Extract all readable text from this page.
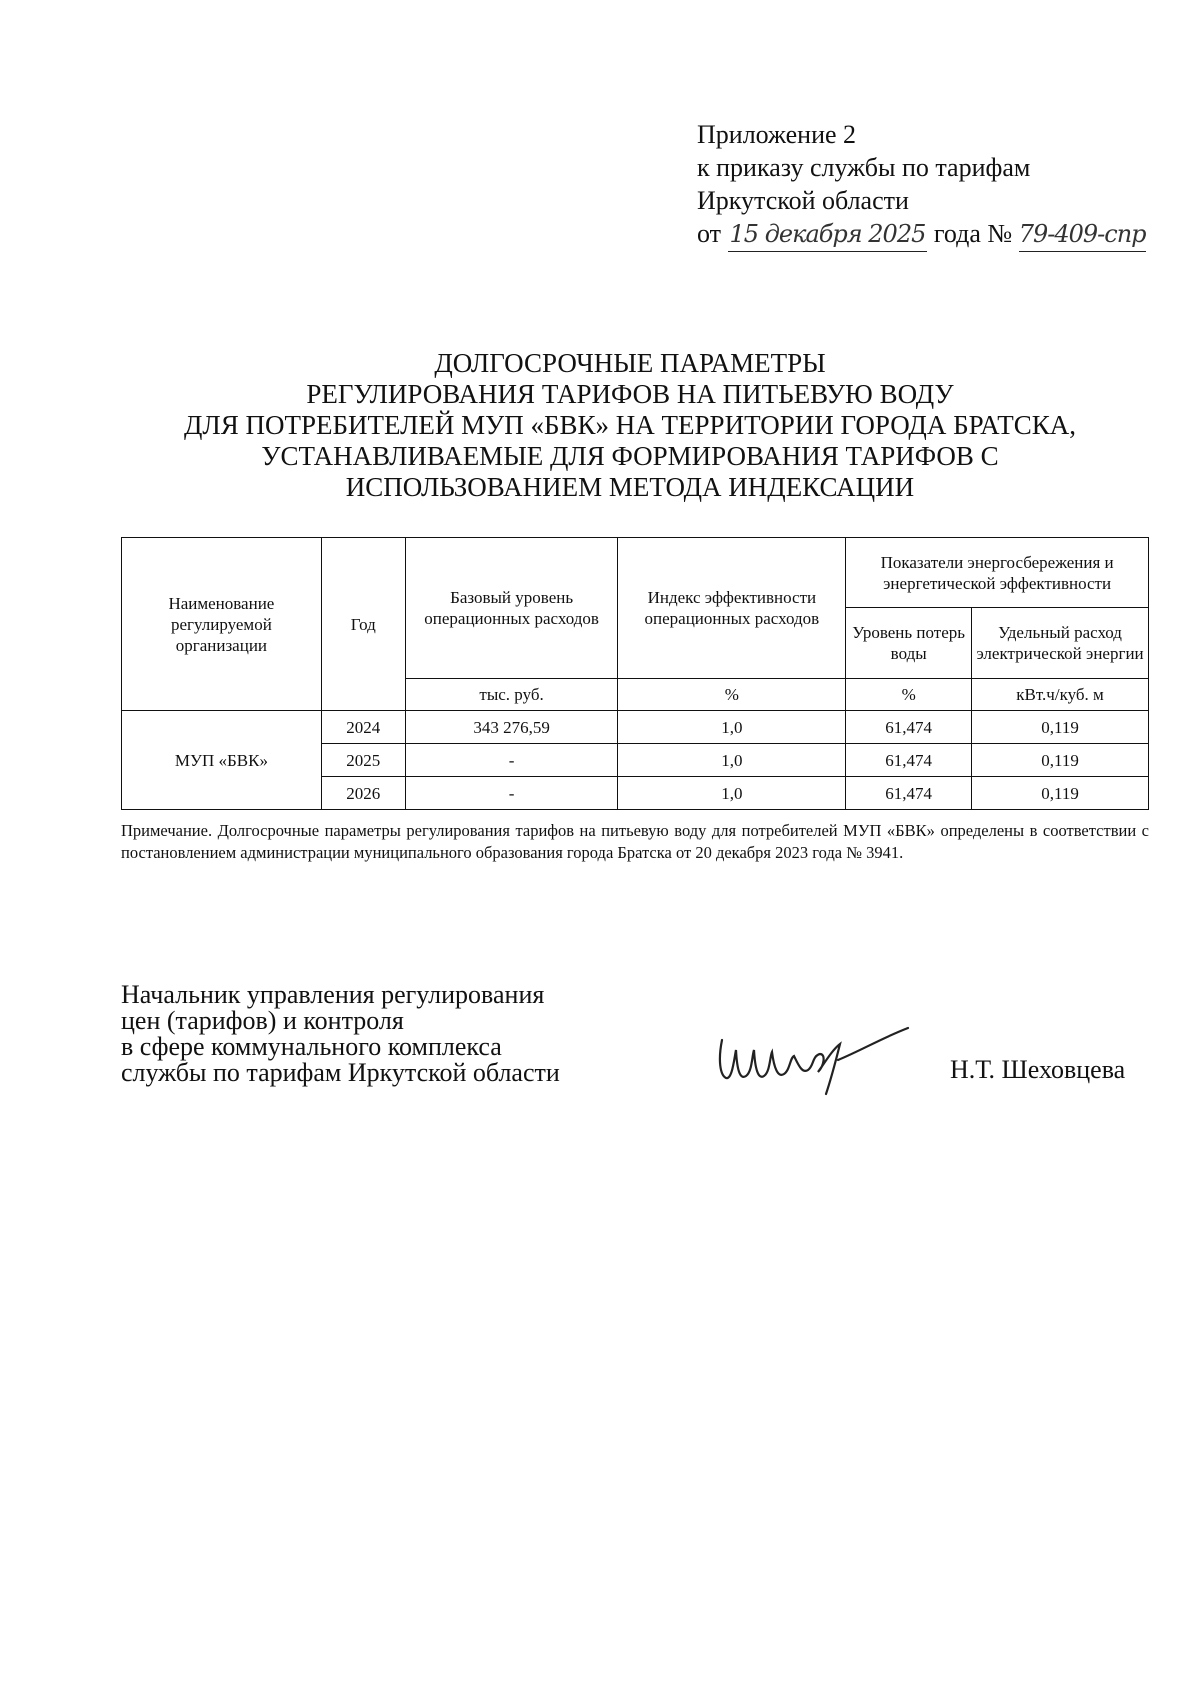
Приложение 2
к приказу службы по тарифам
Иркутской области
от 15 декабря 2025 года № 79-409-спр
ДОЛГОСРОЧНЫЕ ПАРАМЕТРЫ
РЕГУЛИРОВАНИЯ ТАРИФОВ НА ПИТЬЕВУЮ ВОДУ
ДЛЯ ПОТРЕБИТЕЛЕЙ МУП «БВК» НА ТЕРРИТОРИИ ГОРОДА БРАТСКА,
УСТАНАВЛИВАЕМЫЕ ДЛЯ ФОРМИРОВАНИЯ ТАРИФОВ С
ИСПОЛЬЗОВАНИЕМ МЕТОДА ИНДЕКСАЦИИ
Наименование регулируемой организации	Год	Базовый уровень операционных расходов	Индекс эффективности операционных расходов	Показатели энергосбережения и энергетической эффективности	
				Уровень потерь воды	Удельный расход электрической энергии
		тыс. руб.	%	%	кВт.ч/куб. м
МУП «БВК»	2024	343 276,59	1,0	61,474	0,119
	2025	-	1,0	61,474	0,119
	2026	-	1,0	61,474	0,119
Примечание. Долгосрочные параметры регулирования тарифов на питьевую воду для потребителей МУП «БВК» определены в соответствии с постановлением администрации муниципального образования города Братска от 20 декабря 2023 года № 3941.
Начальник управления регулирования
цен (тарифов) и контроля
в сфере коммунального комплекса
службы по тарифам Иркутской области	Н.Т. Шеховцева
